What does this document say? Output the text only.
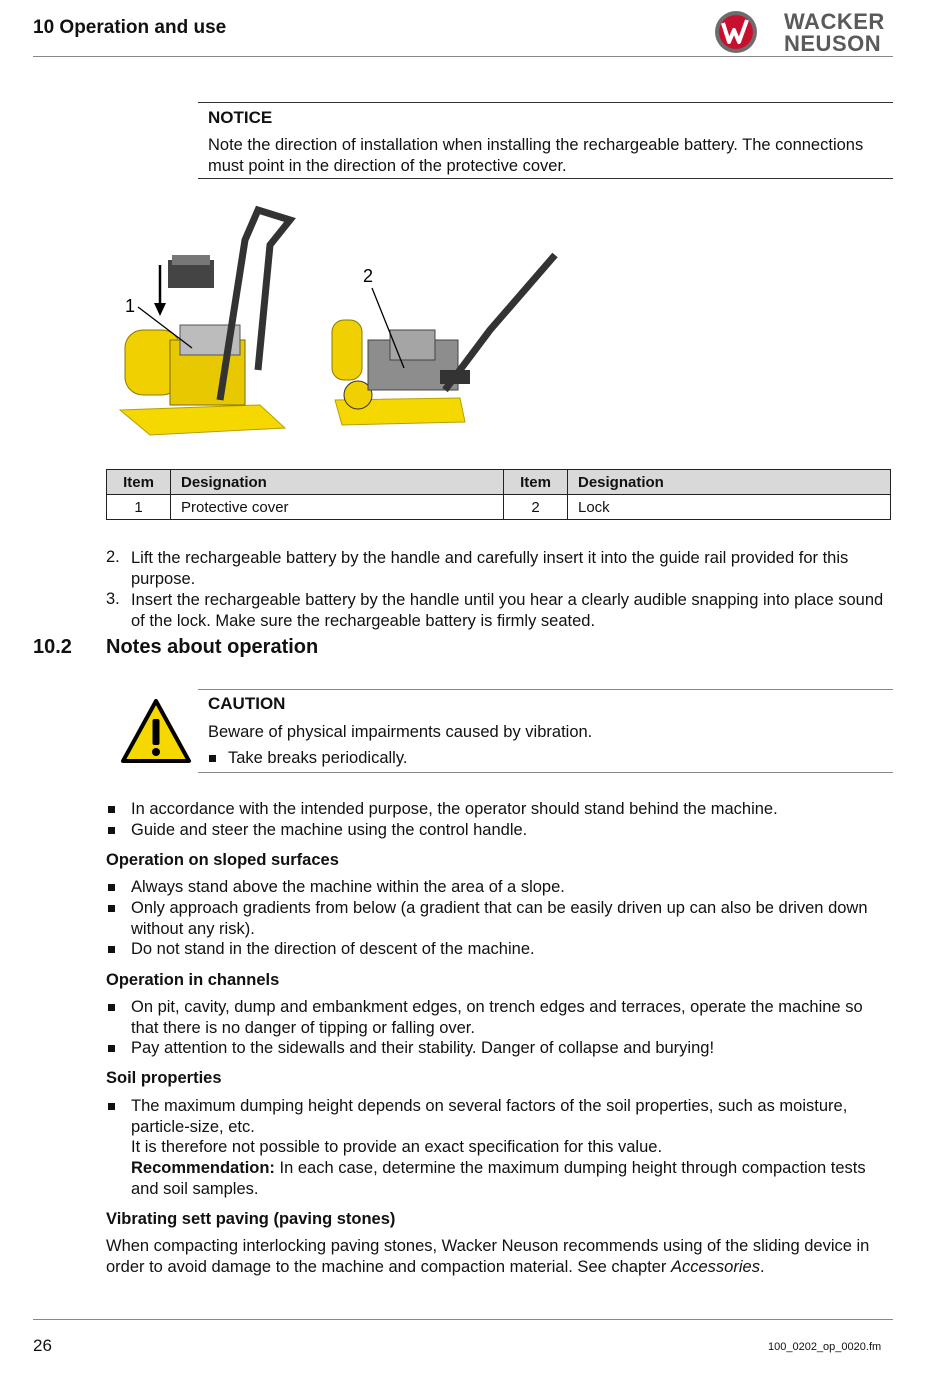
10 Operation and use	WACKER
NEUSON
NOTICE
Note the direction of installation when installing the rechargeable battery. The connections must point in the direction of the protective cover.
1
2
Item	Designation	Item	Designation
1	Protective cover	2	Lock
2. Lift the rechargeable battery by the handle and carefully insert it into the guide rail provided for this purpose.
3. Insert the rechargeable battery by the handle until you hear a clearly audible snapping into place sound of the lock. Make sure the rechargeable battery is firmly seated.
10.2 Notes about operation
CAUTION
Beware of physical impairments caused by vibration.
Take breaks periodically.
In accordance with the intended purpose, the operator should stand behind the machine.
Guide and steer the machine using the control handle.
Operation on sloped surfaces
Always stand above the machine within the area of a slope.
Only approach gradients from below (a gradient that can be easily driven up can also be driven down without any risk).
Do not stand in the direction of descent of the machine.
Operation in channels
On pit, cavity, dump and embankment edges, on trench edges and terraces, operate the machine so that there is no danger of tipping or falling over.
Pay attention to the sidewalls and their stability. Danger of collapse and burying!
Soil properties
The maximum dumping height depends on several factors of the soil properties, such as moisture, particle-size, etc.
It is therefore not possible to provide an exact specification for this value.
Recommendation: In each case, determine the maximum dumping height through compaction tests and soil samples.
Vibrating sett paving (paving stones)
When compacting interlocking paving stones, Wacker Neuson recommends using of the sliding device in order to avoid damage to the machine and compaction material. See chapter Accessories.
26	100_0202_op_0020.fm
